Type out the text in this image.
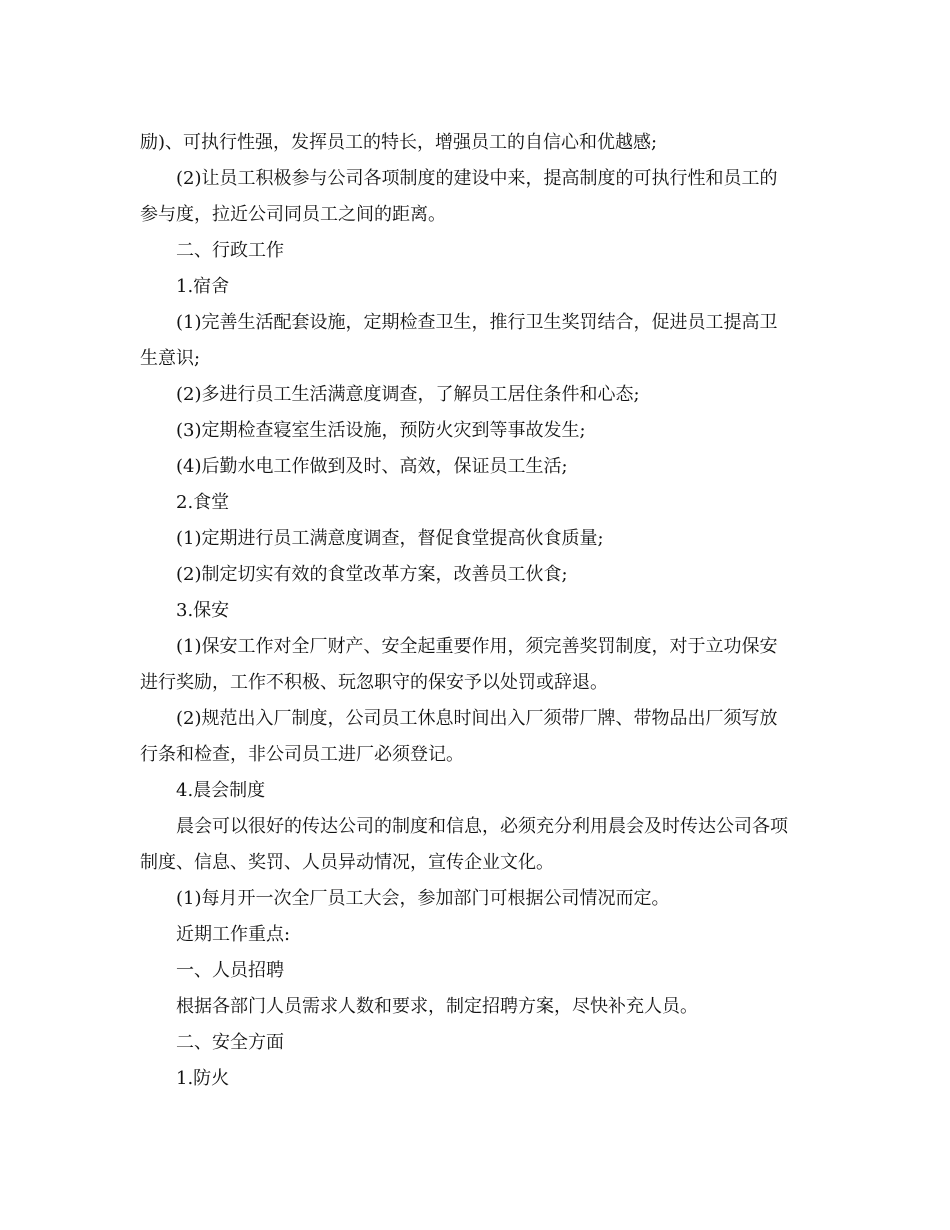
励)、可执行性强，发挥员工的特长，增强员工的自信心和优越感;
(2)让员工积极参与公司各项制度的建设中来，提高制度的可执行性和员工的
参与度，拉近公司同员工之间的距离。
二、行政工作
1.宿舍
(1)完善生活配套设施，定期检查卫生，推行卫生奖罚结合，促进员工提高卫
生意识;
(2)多进行员工生活满意度调查，了解员工居住条件和心态;
(3)定期检查寝室生活设施，预防火灾到等事故发生;
(4)后勤水电工作做到及时、高效，保证员工生活;
2.食堂
(1)定期进行员工满意度调查，督促食堂提高伙食质量;
(2)制定切实有效的食堂改革方案，改善员工伙食;
3.保安
(1)保安工作对全厂财产、安全起重要作用，须完善奖罚制度，对于立功保安
进行奖励，工作不积极、玩忽职守的保安予以处罚或辞退。
(2)规范出入厂制度，公司员工休息时间出入厂须带厂牌、带物品出厂须写放
行条和检查，非公司员工进厂必须登记。
4.晨会制度
晨会可以很好的传达公司的制度和信息，必须充分利用晨会及时传达公司各项
制度、信息、奖罚、人员异动情况，宣传企业文化。
(1)每月开一次全厂员工大会，参加部门可根据公司情况而定。
近期工作重点:
一、人员招聘
根据各部门人员需求人数和要求，制定招聘方案，尽快补充人员。
二、安全方面
1.防火
